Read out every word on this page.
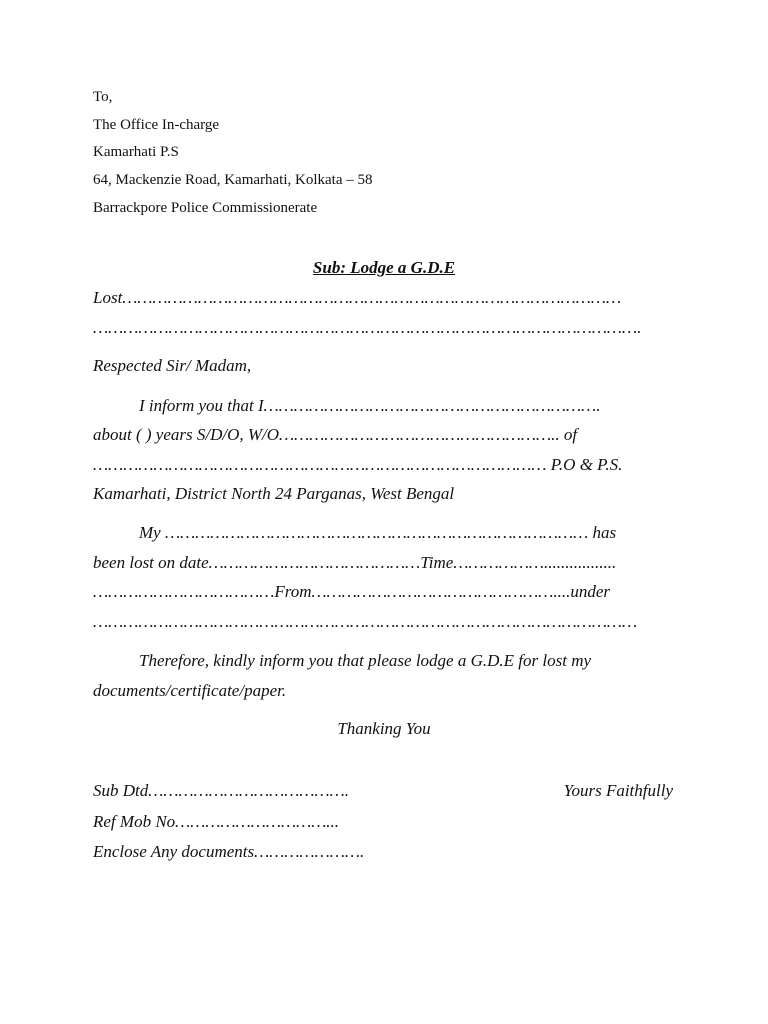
To,
The Office In-charge
Kamarhati P.S
64, Mackenzie Road, Kamarhati, Kolkata – 58
Barrackpore Police Commissionerate
Sub: Lodge a G.D.E
Lost………………………………………………………………………………………
……………………………………………………………………………………………….
Respected Sir/ Madam,
I inform you that I………………………………………………………….
about ( ) years S/D/O, W/O……………………………………………….. of
……………………………………………………………………………… P.O & P.S.
Kamarhati, District North 24 Parganas, West Bengal
My ………………………………………………………………………… has
been lost on date……………………………………Time……………….................
………………………………From…………………………………………....under
………………………………………………………………………………………………
Therefore, kindly inform you that please lodge a G.D.E for lost my
documents/certificate/paper.
Thanking You
Sub Dtd………………………………….	Yours Faithfully
Ref Mob No…………………………...
Enclose Any documents………………….
